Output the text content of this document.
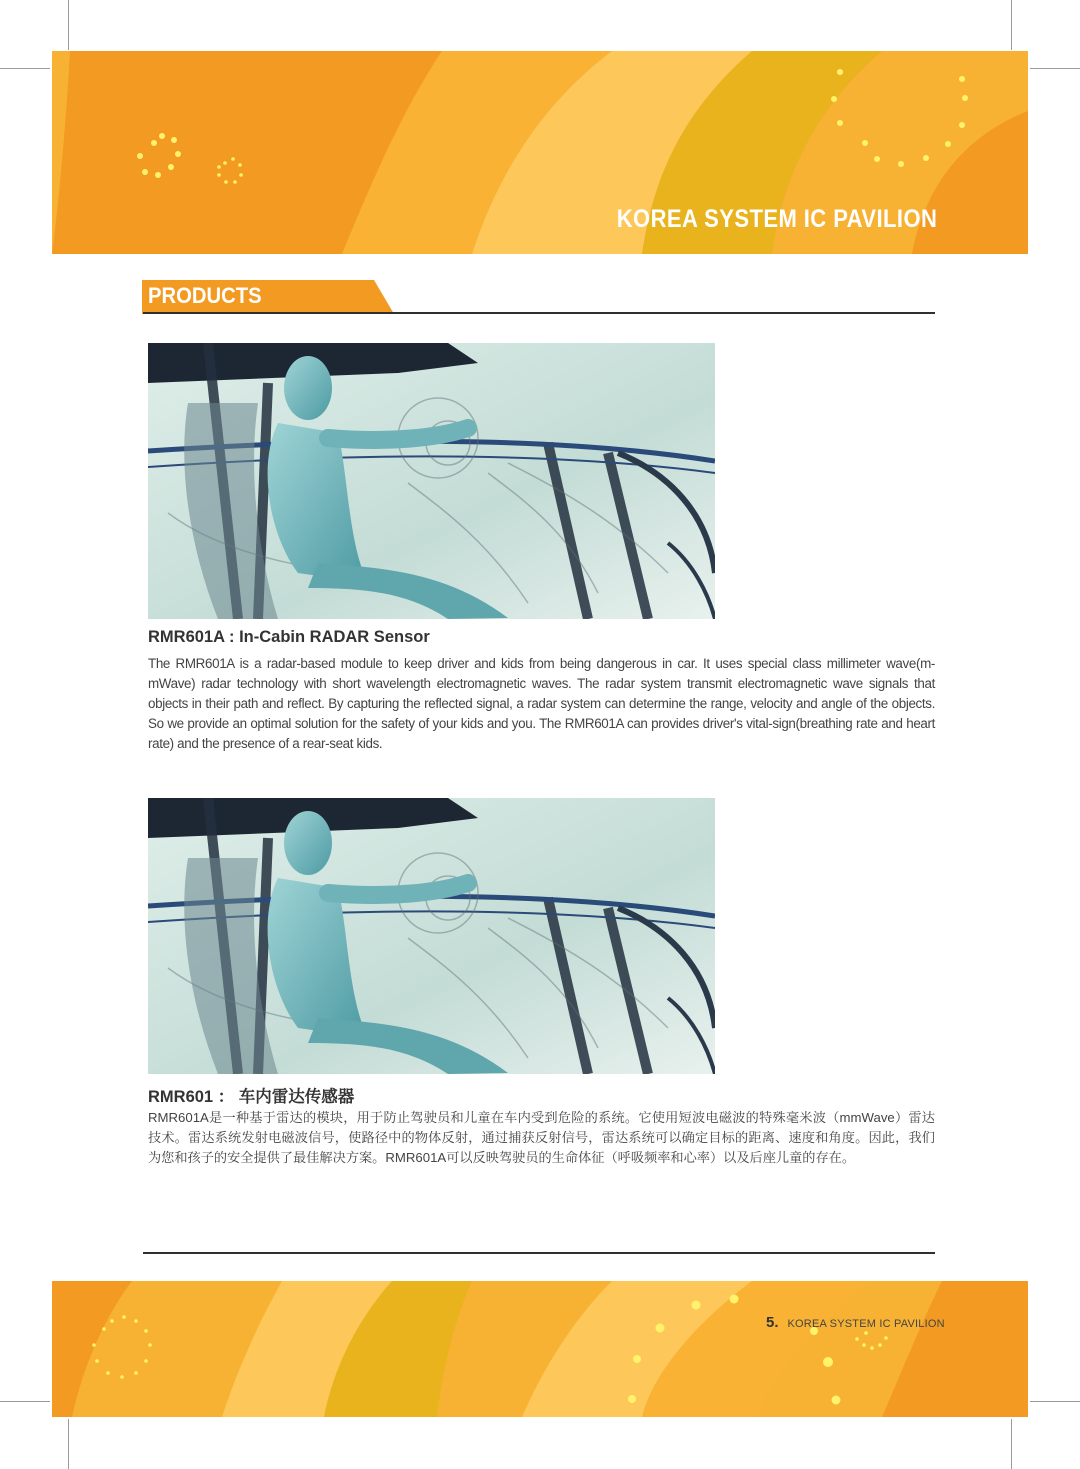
KOREA SYSTEM IC PAVILION
PRODUCTS
RMR601A : In-Cabin RADAR Sensor

The RMR601A is a radar-based module to keep driver and kids from being dangerous in car. It uses special class millimeter wave(m-mWave) radar technology with short wavelength electromagnetic waves. The radar system transmit electromagnetic wave signals that objects in their path and reflect. By capturing the reflected signal, a radar system can determine the range, velocity and angle of the objects. So we provide an optimal solution for the safety of your kids and you. The RMR601A can provides driver's vital-sign(breathing rate and heart rate) and the presence of a rear-seat kids.

RMR601 ： 车内雷达传感器

RMR601A是一种基于雷达的模块，用于防止驾驶员和儿童在车内受到危险的系统。它使用短波电磁波的特殊毫米波（mmWave）雷达技术。雷达系统发射电磁波信号，使路径中的物体反射，通过捕获反射信号，雷达系统可以确定目标的距离、速度和角度。因此，我们为您和孩子的安全提供了最佳解决方案。RMR601A可以反映驾驶员的生命体征（呼吸频率和心率）以及后座儿童的存在。

5. KOREA SYSTEM IC PAVILION
